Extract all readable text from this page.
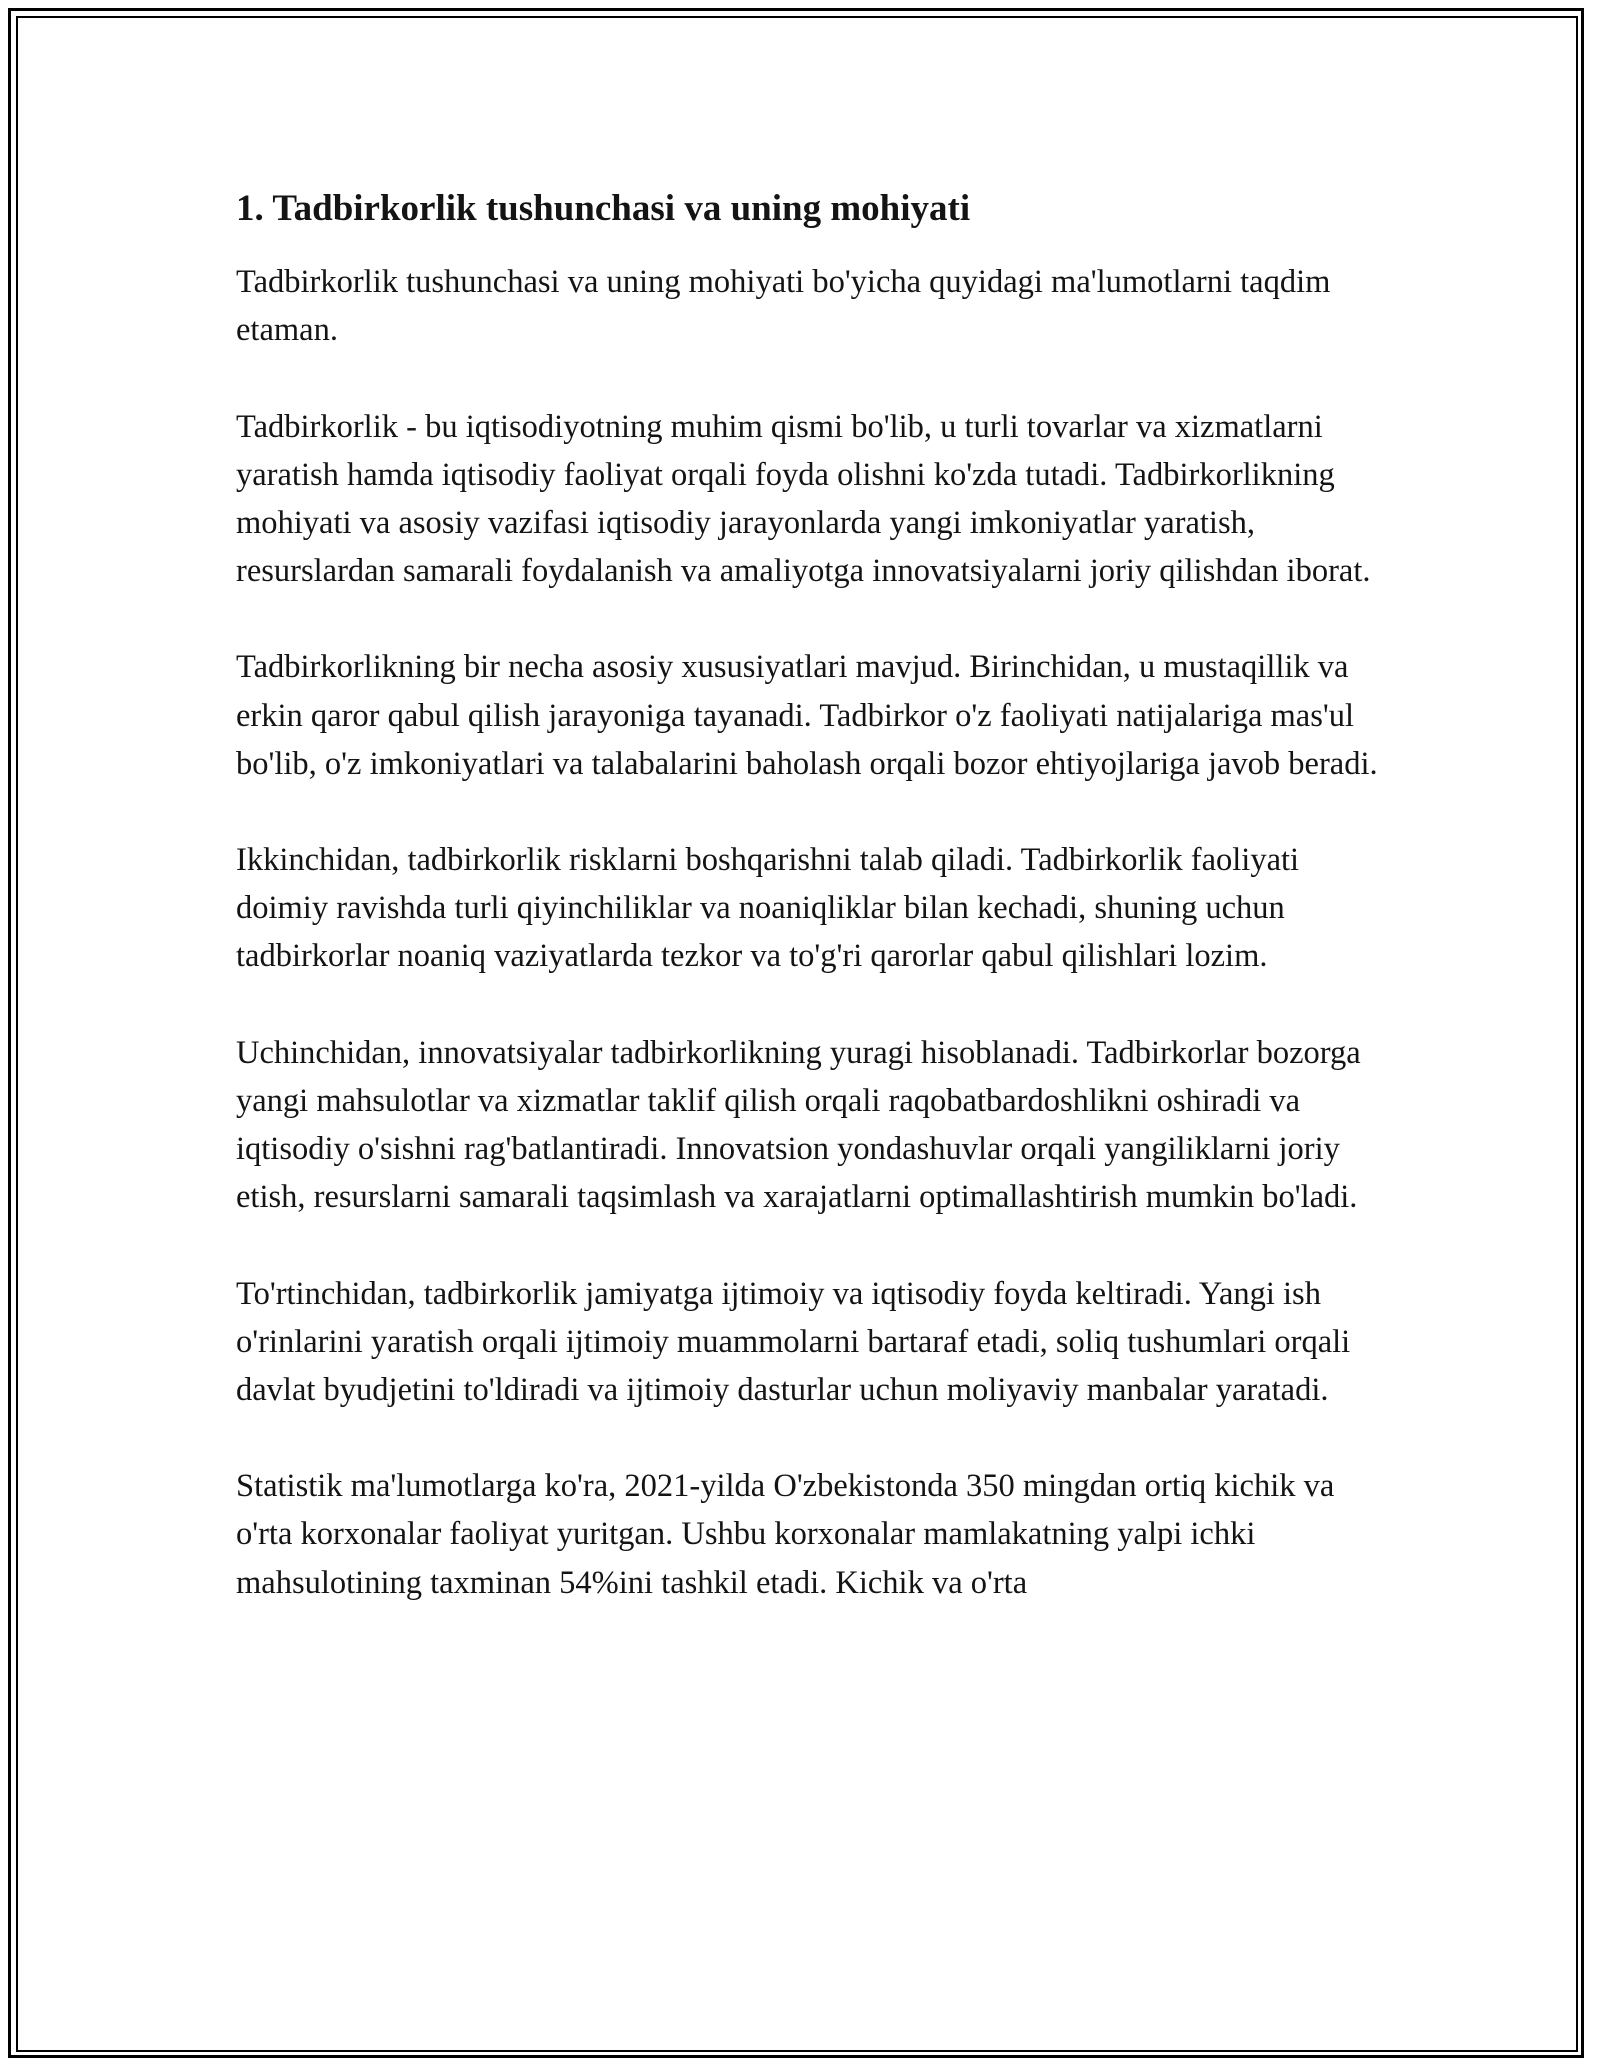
1. Tadbirkorlik tushunchasi va uning mohiyati

Tadbirkorlik tushunchasi va uning mohiyati bo'yicha quyidagi ma'lumotlarni taqdim etaman.

Tadbirkorlik - bu iqtisodiyotning muhim qismi bo'lib, u turli tovarlar va xizmatlarni yaratish hamda iqtisodiy faoliyat orqali foyda olishni ko'zda tutadi. Tadbirkorlikning mohiyati va asosiy vazifasi iqtisodiy jarayonlarda yangi imkoniyatlar yaratish, resurslardan samarali foydalanish va amaliyotga innovatsiyalarni joriy qilishdan iborat.

Tadbirkorlikning bir necha asosiy xususiyatlari mavjud. Birinchidan, u mustaqillik va erkin qaror qabul qilish jarayoniga tayanadi. Tadbirkor o'z faoliyati natijalariga mas'ul bo'lib, o'z imkoniyatlari va talabalarini baholash orqali bozor ehtiyojlariga javob beradi.

Ikkinchidan, tadbirkorlik risklarni boshqarishni talab qiladi. Tadbirkorlik faoliyati doimiy ravishda turli qiyinchiliklar va noaniqliklar bilan kechadi, shuning uchun tadbirkorlar noaniq vaziyatlarda tezkor va to'g'ri qarorlar qabul qilishlari lozim.

Uchinchidan, innovatsiyalar tadbirkorlikning yuragi hisoblanadi. Tadbirkorlar bozorga yangi mahsulotlar va xizmatlar taklif qilish orqali raqobatbardoshlikni oshiradi va iqtisodiy o'sishni rag'batlantiradi. Innovatsion yondashuvlar orqali yangiliklarni joriy etish, resurslarni samarali taqsimlash va xarajatlarni optimallashtirish mumkin bo'ladi.

To'rtinchidan, tadbirkorlik jamiyatga ijtimoiy va iqtisodiy foyda keltiradi. Yangi ish o'rinlarini yaratish orqali ijtimoiy muammolarni bartaraf etadi, soliq tushumlari orqali davlat byudjetini to'ldiradi va ijtimoiy dasturlar uchun moliyaviy manbalar yaratadi.

Statistik ma'lumotlarga ko'ra, 2021-yilda O'zbekistonda 350 mingdan ortiq kichik va o'rta korxonalar faoliyat yuritgan. Ushbu korxonalar mamlakatning yalpi ichki mahsulotining taxminan 54%ini tashkil etadi. Kichik va o'rta
